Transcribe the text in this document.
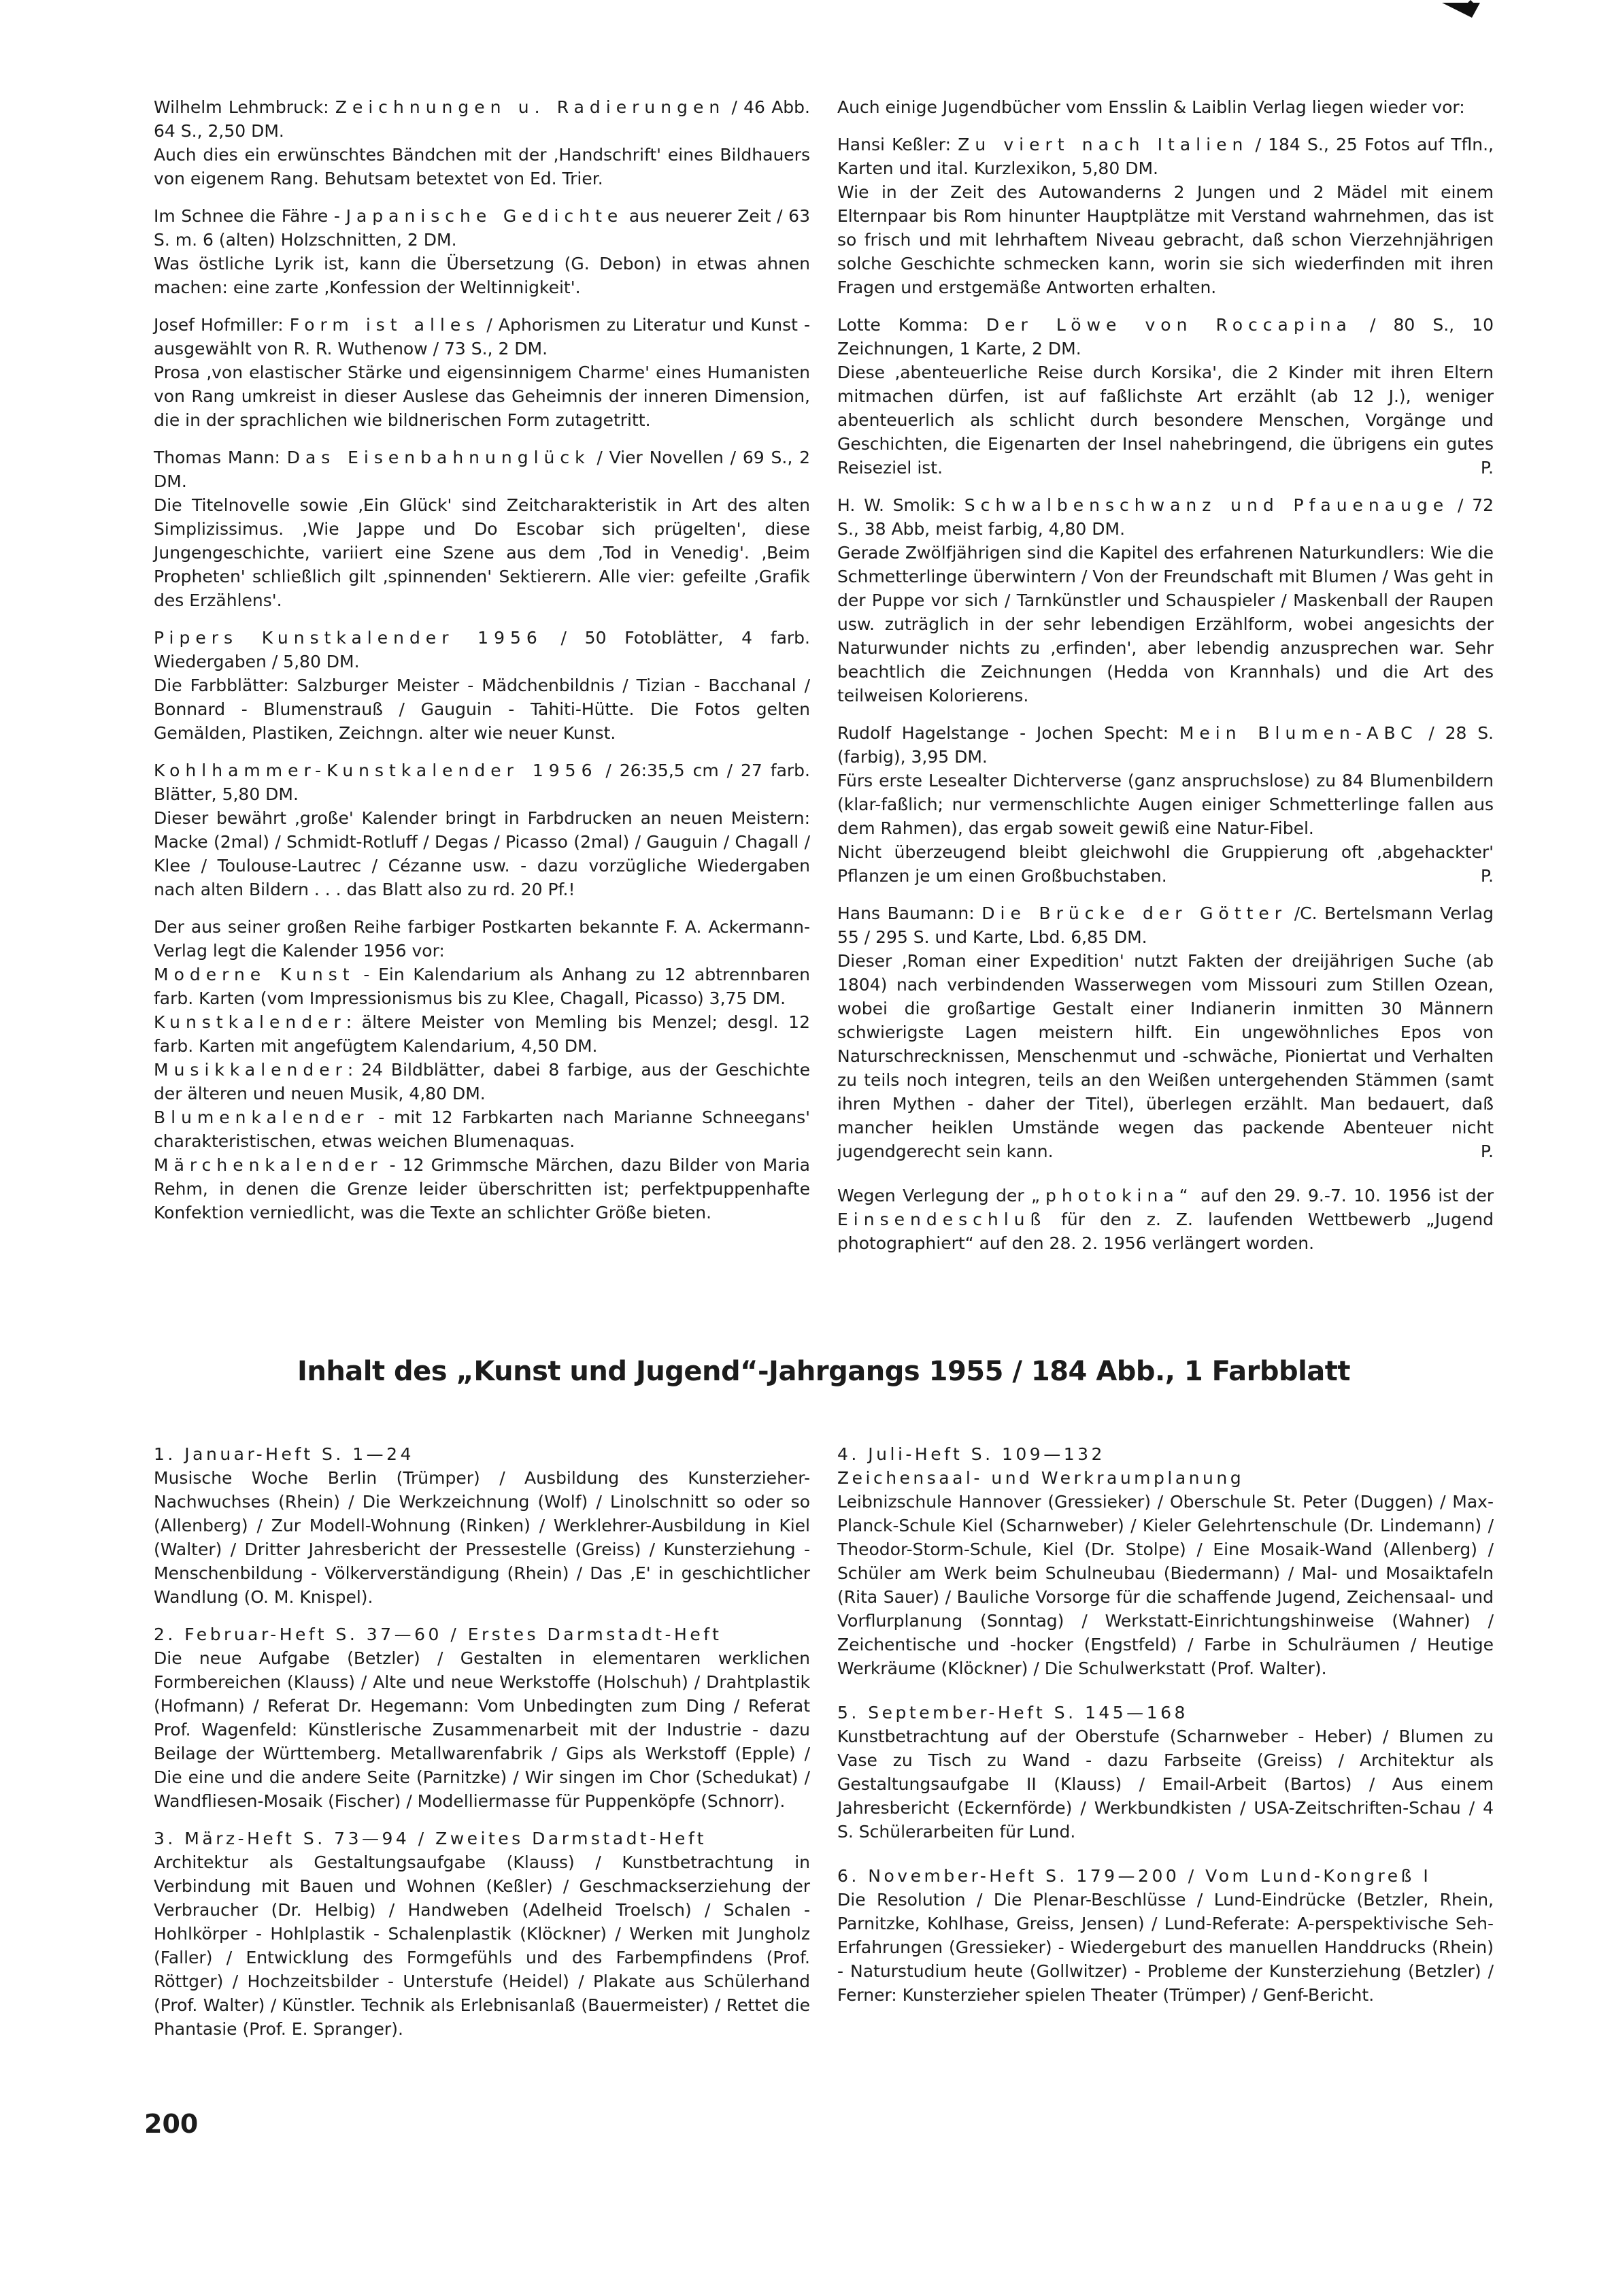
Wilhelm Lehmbruck: Zeichnungen u. Radierungen / 46 Abb. 64 S., 2,50 DM.
Auch dies ein erwünschtes Bändchen mit der ‚Handschrift' eines Bildhauers von eigenem Rang. Behutsam betextet von Ed. Trier.

Im Schnee die Fähre - Japanische Gedichte aus neuerer Zeit / 63 S. m. 6 (alten) Holzschnitten, 2 DM.
Was östliche Lyrik ist, kann die Übersetzung (G. Debon) in etwas ahnen machen: eine zarte ‚Konfession der Weltinnigkeit'.

Josef Hofmiller: Form ist alles / Aphorismen zu Literatur und Kunst - ausgewählt von R. R. Wuthenow / 73 S., 2 DM.
Prosa ‚von elastischer Stärke und eigensinnigem Charme' eines Humanisten von Rang umkreist in dieser Auslese das Geheimnis der inneren Dimension, die in der sprachlichen wie bildnerischen Form zutagetritt.

Thomas Mann: Das Eisenbahnunglück / Vier Novellen / 69 S., 2 DM.
Die Titelnovelle sowie ‚Ein Glück' sind Zeitcharakteristik in Art des alten Simplizissimus. ‚Wie Jappe und Do Escobar sich prügelten', diese Jungengeschichte, variiert eine Szene aus dem ‚Tod in Venedig'. ‚Beim Propheten' schließlich gilt ‚spinnenden' Sektierern. Alle vier: gefeilte ‚Grafik des Erzählens'.

Pipers Kunstkalender 1956 / 50 Fotoblätter, 4 farb. Wiedergaben / 5,80 DM.
Die Farbblätter: Salzburger Meister - Mädchenbildnis / Tizian - Bacchanal / Bonnard - Blumenstrauß / Gauguin - Tahiti-Hütte. Die Fotos gelten Gemälden, Plastiken, Zeichngn. alter wie neuer Kunst.

Kohlhammer-Kunstkalender 1956 / 26:35,5 cm / 27 farb. Blätter, 5,80 DM.
Dieser bewährt ‚große' Kalender bringt in Farbdrucken an neuen Meistern: Macke (2mal) / Schmidt-Rotluff / Degas / Picasso (2mal) / Gauguin / Chagall / Klee / Toulouse-Lautrec / Cézanne usw. - dazu vorzügliche Wiedergaben nach alten Bildern . . . das Blatt also zu rd. 20 Pf.!

Der aus seiner großen Reihe farbiger Postkarten bekannte F. A. Ackermann-Verlag legt die Kalender 1956 vor:
Moderne Kunst - Ein Kalendarium als Anhang zu 12 abtrennbaren farb. Karten (vom Impressionismus bis zu Klee, Chagall, Picasso) 3,75 DM.
Kunstkalender: ältere Meister von Memling bis Menzel; desgl. 12 farb. Karten mit angefügtem Kalendarium, 4,50 DM.
Musikkalender: 24 Bildblätter, dabei 8 farbige, aus der Geschichte der älteren und neuen Musik, 4,80 DM.
Blumenkalender - mit 12 Farbkarten nach Marianne Schneegans' charakteristischen, etwas weichen Blumenaquas.
Märchenkalender - 12 Grimmsche Märchen, dazu Bilder von Maria Rehm, in denen die Grenze leider überschritten ist; perfektpuppenhafte Konfektion verniedlicht, was die Texte an schlichter Größe bieten.

Auch einige Jugendbücher vom Ensslin & Laiblin Verlag liegen wieder vor:

Hansi Keßler: Zu viert nach Italien / 184 S., 25 Fotos auf Tfln., Karten und ital. Kurzlexikon, 5,80 DM.
Wie in der Zeit des Autowanderns 2 Jungen und 2 Mädel mit einem Elternpaar bis Rom hinunter Hauptplätze mit Verstand wahrnehmen, das ist so frisch und mit lehrhaftem Niveau gebracht, daß schon Vierzehnjährigen solche Geschichte schmecken kann, worin sie sich wiederfinden mit ihren Fragen und erstgemäße Antworten erhalten.

Lotte Komma: Der Löwe von Roccapina / 80 S., 10 Zeichnungen, 1 Karte, 2 DM.
Diese ‚abenteuerliche Reise durch Korsika', die 2 Kinder mit ihren Eltern mitmachen dürfen, ist auf faßlichste Art erzählt (ab 12 J.), weniger abenteuerlich als schlicht durch besondere Menschen, Vorgänge und Geschichten, die Eigenarten der Insel nahebringend, die übrigens ein gutes Reiseziel ist.	P.

H. W. Smolik: Schwalbenschwanz und Pfauenauge / 72 S., 38 Abb, meist farbig, 4,80 DM.
Gerade Zwölfjährigen sind die Kapitel des erfahrenen Naturkundlers: Wie die Schmetterlinge überwintern / Von der Freundschaft mit Blumen / Was geht in der Puppe vor sich / Tarnkünstler und Schauspieler / Maskenball der Raupen usw. zuträglich in der sehr lebendigen Erzählform, wobei angesichts der Naturwunder nichts zu ‚erfinden', aber lebendig anzusprechen war. Sehr beachtlich die Zeichnungen (Hedda von Krannhals) und die Art des teilweisen Kolorierens.

Rudolf Hagelstange - Jochen Specht: Mein Blumen-ABC / 28 S. (farbig), 3,95 DM.
Fürs erste Lesealter Dichterverse (ganz anspruchslose) zu 84 Blumenbildern (klar-faßlich; nur vermenschlichte Augen einiger Schmetterlinge fallen aus dem Rahmen), das ergab soweit gewiß eine Natur-Fibel.
Nicht überzeugend bleibt gleichwohl die Gruppierung oft ‚abgehackter' Pflanzen je um einen Großbuchstaben.	P.

Hans Baumann: Die Brücke der Götter /C. Bertelsmann Verlag 55 / 295 S. und Karte, Lbd. 6,85 DM.
Dieser ‚Roman einer Expedition' nutzt Fakten der dreijährigen Suche (ab 1804) nach verbindenden Wasserwegen vom Missouri zum Stillen Ozean, wobei die großartige Gestalt einer Indianerin inmitten 30 Männern schwierigste Lagen meistern hilft. Ein ungewöhnliches Epos von Naturschrecknissen, Menschenmut und -schwäche, Pioniertat und Verhalten zu teils noch integren, teils an den Weißen untergehenden Stämmen (samt ihren Mythen - daher der Titel), überlegen erzählt. Man bedauert, daß mancher heiklen Umstände wegen das packende Abenteuer nicht jugendgerecht sein kann.	P.

Wegen Verlegung der „photokina“ auf den 29. 9.-7. 10. 1956 ist der Einsendeschluß für den z. Z. laufenden Wettbewerb „Jugend photographiert“ auf den 28. 2. 1956 verlängert worden.

Inhalt des „Kunst und Jugend“-Jahrgangs 1955 / 184 Abb., 1 Farbblatt

1. Januar-Heft S. 1—24
Musische Woche Berlin (Trümper) / Ausbildung des Kunsterzieher-Nachwuchses (Rhein) / Die Werkzeichnung (Wolf) / Linolschnitt so oder so (Allenberg) / Zur Modell-Wohnung (Rinken) / Werklehrer-Ausbildung in Kiel (Walter) / Dritter Jahresbericht der Pressestelle (Greiss) / Kunsterziehung - Menschenbildung - Völkerverständigung (Rhein) / Das ‚E' in geschichtlicher Wandlung (O. M. Knispel).

2. Februar-Heft S. 37—60 / Erstes Darmstadt-Heft
Die neue Aufgabe (Betzler) / Gestalten in elementaren werklichen Formbereichen (Klauss) / Alte und neue Werkstoffe (Holschuh) / Drahtplastik (Hofmann) / Referat Dr. Hegemann: Vom Unbedingten zum Ding / Referat Prof. Wagenfeld: Künstlerische Zusammenarbeit mit der Industrie - dazu Beilage der Württemberg. Metallwarenfabrik / Gips als Werkstoff (Epple) / Die eine und die andere Seite (Parnitzke) / Wir singen im Chor (Schedukat) / Wandfliesen-Mosaik (Fischer) / Modelliermasse für Puppenköpfe (Schnorr).

3. März-Heft S. 73—94 / Zweites Darmstadt-Heft
Architektur als Gestaltungsaufgabe (Klauss) / Kunstbetrachtung in Verbindung mit Bauen und Wohnen (Keßler) / Geschmackserziehung der Verbraucher (Dr. Helbig) / Handweben (Adelheid Troelsch) / Schalen - Hohlkörper - Hohlplastik - Schalenplastik (Klöckner) / Werken mit Jungholz (Faller) / Entwicklung des Formgefühls und des Farbempfindens (Prof. Röttger) / Hochzeitsbilder - Unterstufe (Heidel) / Plakate aus Schülerhand (Prof. Walter) / Künstler. Technik als Erlebnisanlaß (Bauermeister) / Rettet die Phantasie (Prof. E. Spranger).

4. Juli-Heft S. 109—132
Zeichensaal- und Werkraumplanung
Leibnizschule Hannover (Gressieker) / Oberschule St. Peter (Duggen) / Max-Planck-Schule Kiel (Scharnweber) / Kieler Gelehrtenschule (Dr. Lindemann) / Theodor-Storm-Schule, Kiel (Dr. Stolpe) / Eine Mosaik-Wand (Allenberg) / Schüler am Werk beim Schulneubau (Biedermann) / Mal- und Mosaiktafeln (Rita Sauer) / Bauliche Vorsorge für die schaffende Jugend, Zeichensaal- und Vorflurplanung (Sonntag) / Werkstatt-Einrichtungshinweise (Wahner) / Zeichentische und -hocker (Engstfeld) / Farbe in Schulräumen / Heutige Werkräume (Klöckner) / Die Schulwerkstatt (Prof. Walter).

5. September-Heft S. 145—168
Kunstbetrachtung auf der Oberstufe (Scharnweber - Heber) / Blumen zu Vase zu Tisch zu Wand - dazu Farbseite (Greiss) / Architektur als Gestaltungsaufgabe II (Klauss) / Email-Arbeit (Bartos) / Aus einem Jahresbericht (Eckernförde) / Werkbundkisten / USA-Zeitschriften-Schau / 4 S. Schülerarbeiten für Lund.

6. November-Heft S. 179—200 / Vom Lund-Kongreß I
Die Resolution / Die Plenar-Beschlüsse / Lund-Eindrücke (Betzler, Rhein, Parnitzke, Kohlhase, Greiss, Jensen) / Lund-Referate: A-perspektivische Seh-Erfahrungen (Gressieker) - Wiedergeburt des manuellen Handdrucks (Rhein) - Naturstudium heute (Gollwitzer) - Probleme der Kunsterziehung (Betzler) / Ferner: Kunsterzieher spielen Theater (Trümper) / Genf-Bericht.

200
